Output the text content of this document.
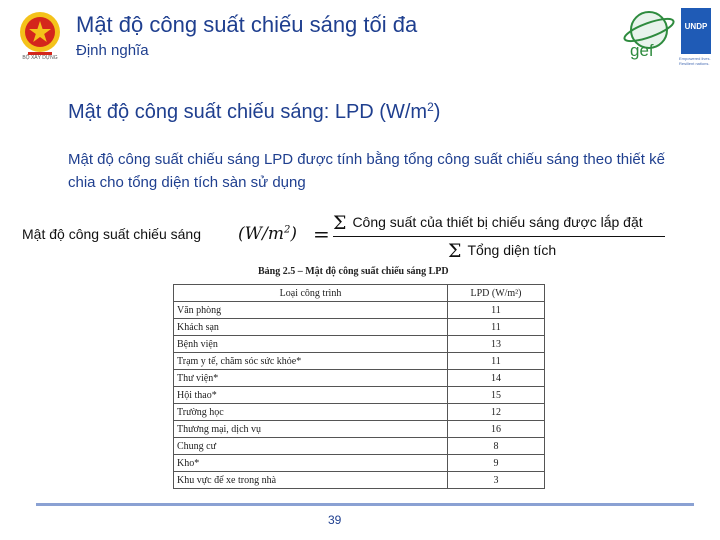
BỘ XÂY DỰNG
Mật độ công suất chiếu sáng tối đa
Định nghĩa	gef
UNDP
Empowered lives. Resilient nations.
Mật độ công suất chiếu sáng: LPD $(W/m^2)$
Mật độ công suất chiếu sáng LPD được tính bằng tổng công suất chiếu sáng theo thiết kế chia cho tổng diện tích sàn sử dụng
Mật độ công suất chiếu sáng $(W/m^2) = \Sigma$ Công suất của thiết bị chiếu sáng được lắp đặt
Σ Tổng diện tích
Bảng 2.5 – Mật độ công suất chiếu sáng LPD
Loại công trình	LPD (W/m²)
Văn phòng	11
Khách sạn	11
Bệnh viện	13
Trạm y tế, chăm sóc sức khỏe*	11
Thư viện*	14
Hội thao*	15
Trường học	12
Thương mại, dịch vụ	16
Chung cư	8
Kho*	9
Khu vực để xe trong nhà	3
39
